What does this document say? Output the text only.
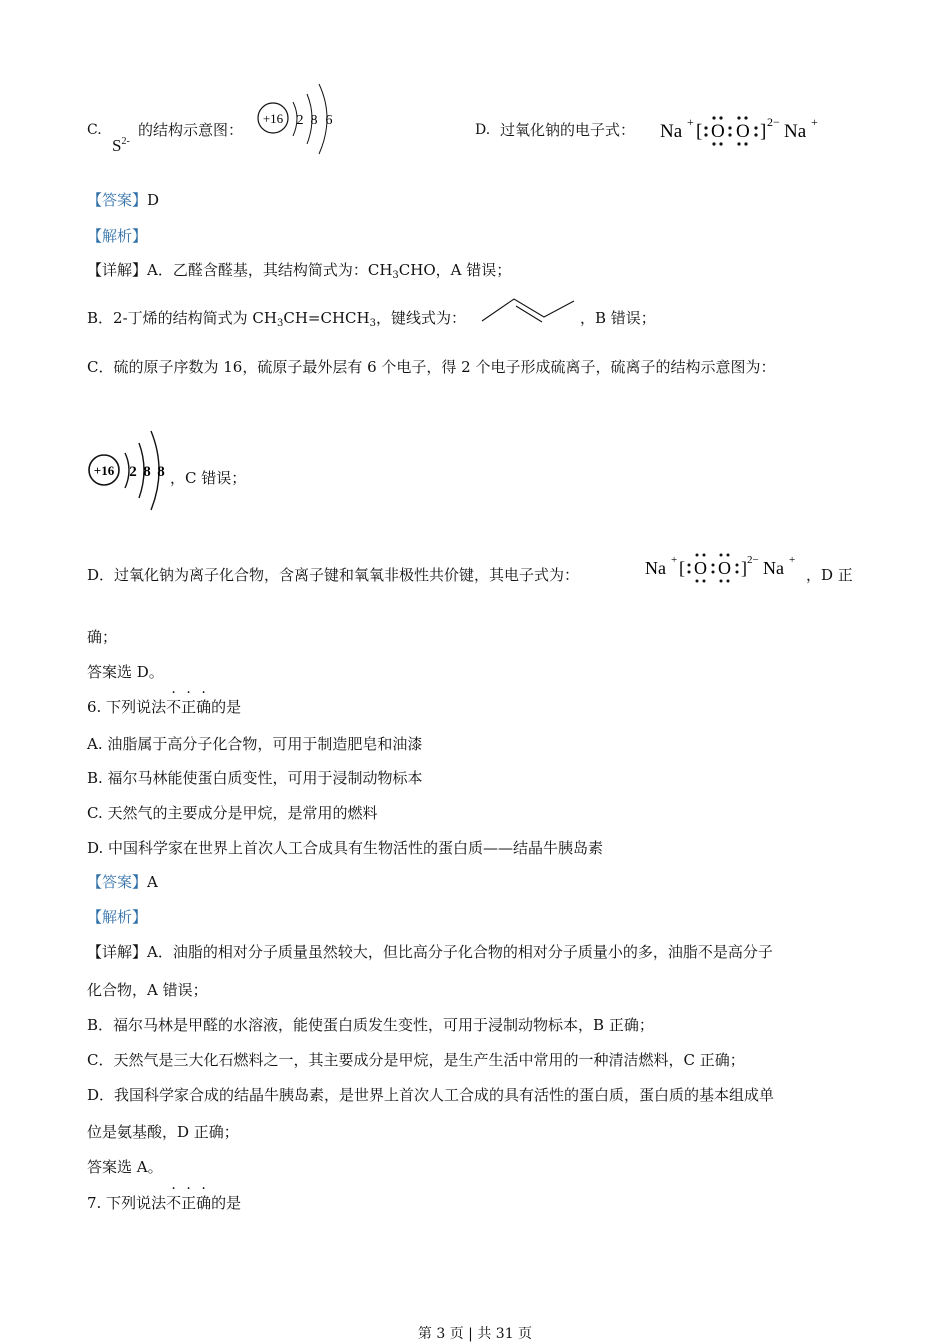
C.
$S^{2-}$
的结构示意图：
+16 2 8 6
D. 过氧化钠的电子式： Na + [ O O ] 2− Na +
【答案】D
【解析】
【详解】A．乙醛含醛基，其结构简式为：$CH_3CHO$，A 错误；
B．2-丁烯的结构简式为 $CH_3CH=CHCH_3$，键线式为：	，B 错误；
C．硫的原子序数为 16，硫原子最外层有 6 个电子，得 2 个电子形成硫离子，硫离子的结构示意图为：
+16 2 8 8 ，C 错误；
D．过氧化钠为离子化合物，含离子键和氧氧非极性共价键，其电子式为：	Na + [ O O ] 2− Na +
，D 正
确；
答案选 D。
6. 下列说法不正确的是
A. 油脂属于高分子化合物，可用于制造肥皂和油漆
B. 福尔马林能使蛋白质变性，可用于浸制动物标本
C. 天然气的主要成分是甲烷，是常用的燃料
D. 中国科学家在世界上首次人工合成具有生物活性的蛋白质——结晶牛胰岛素
【答案】A
【解析】
【详解】A．油脂的相对分子质量虽然较大，但比高分子化合物的相对分子质量小的多，油脂不是高分子
化合物，A 错误；
B．福尔马林是甲醛的水溶液，能使蛋白质发生变性，可用于浸制动物标本，B 正确；
C．天然气是三大化石燃料之一，其主要成分是甲烷，是生产生活中常用的一种清洁燃料，C 正确；
D．我国科学家合成的结晶牛胰岛素，是世界上首次人工合成的具有活性的蛋白质，蛋白质的基本组成单
位是氨基酸，D 正确；
答案选 A。
7. 下列说法不正确的是
第 3 页 | 共 31 页
